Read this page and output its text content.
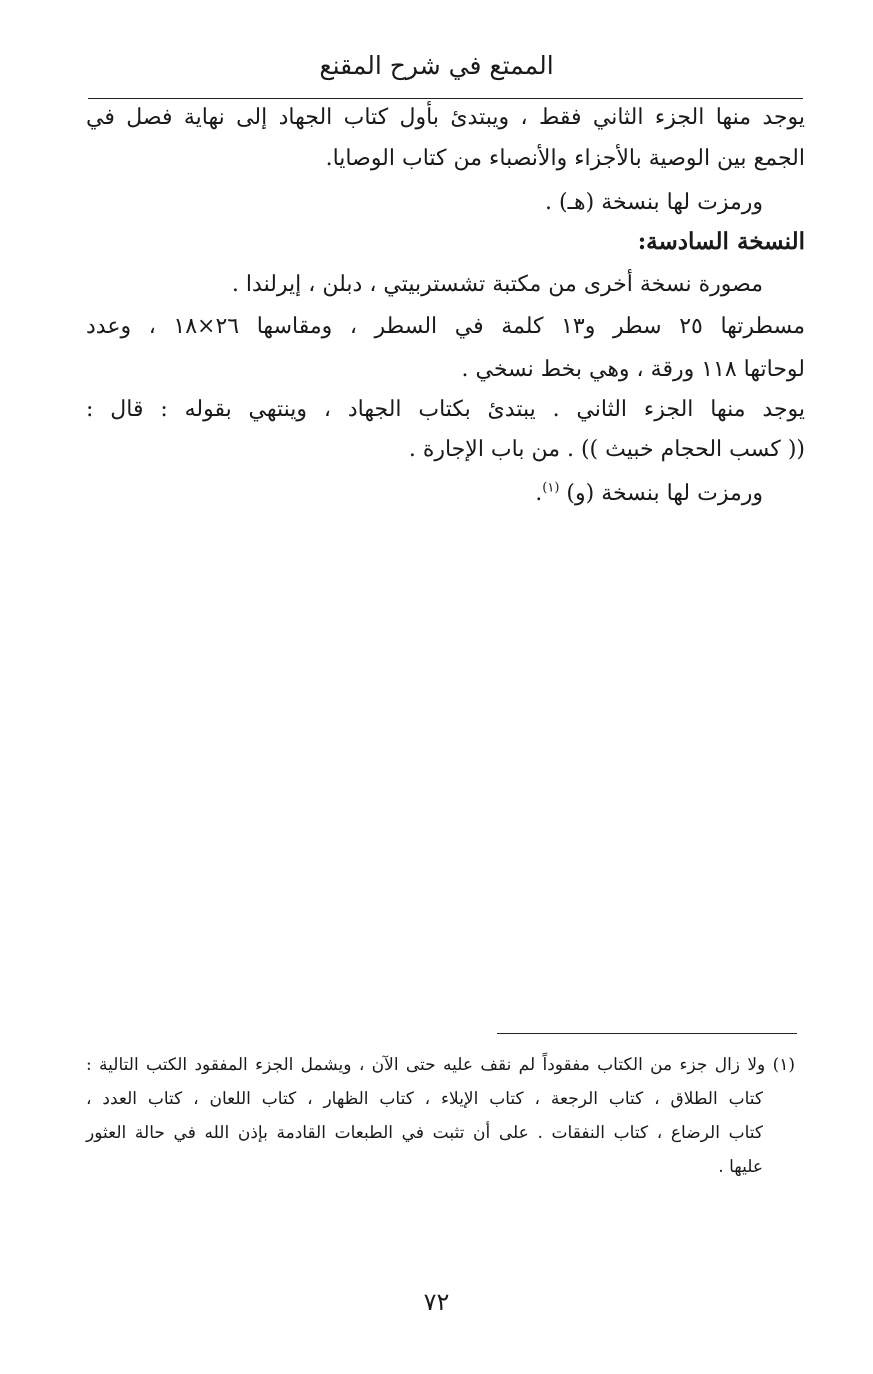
الممتع في شرح المقنع
يوجد منها الجزء الثاني فقط ، ويبتدئ بأول كتاب الجهاد إلى نهاية فصل في
الجمع بين الوصية بالأجزاء والأنصباء من كتاب الوصايا.
ورمزت لها بنسخة (هـ) .
النسخة السادسة:
مصورة نسخة أخرى من مكتبة تشستربيتي ، دبلن ، إيرلندا .
مسطرتها ٢٥ سطر و١٣ كلمة في السطر ، ومقاسها ٢٦×١٨ ، وعدد
لوحاتها ١١٨ ورقة ، وهي بخط نسخي .
يوجد منها الجزء الثاني . يبتدئ بكتاب الجهاد ، وينتهي بقوله : قال :
(( كسب الحجام خبيث )) . من باب الإجارة .
ورمزت لها بنسخة (و) $^{(١)}$.
(١) ولا زال جزء من الكتاب مفقوداً لم نقف عليه حتى الآن ، ويشمل الجزء المفقود الكتب التالية :
كتاب الطلاق ، كتاب الرجعة ، كتاب الإيلاء ، كتاب الظهار ، كتاب اللعان ، كتاب العدد ،
كتاب الرضاع ، كتاب النفقات . على أن تثبت في الطبعات القادمة بإذن الله في حالة العثور
عليها .
٧٢
